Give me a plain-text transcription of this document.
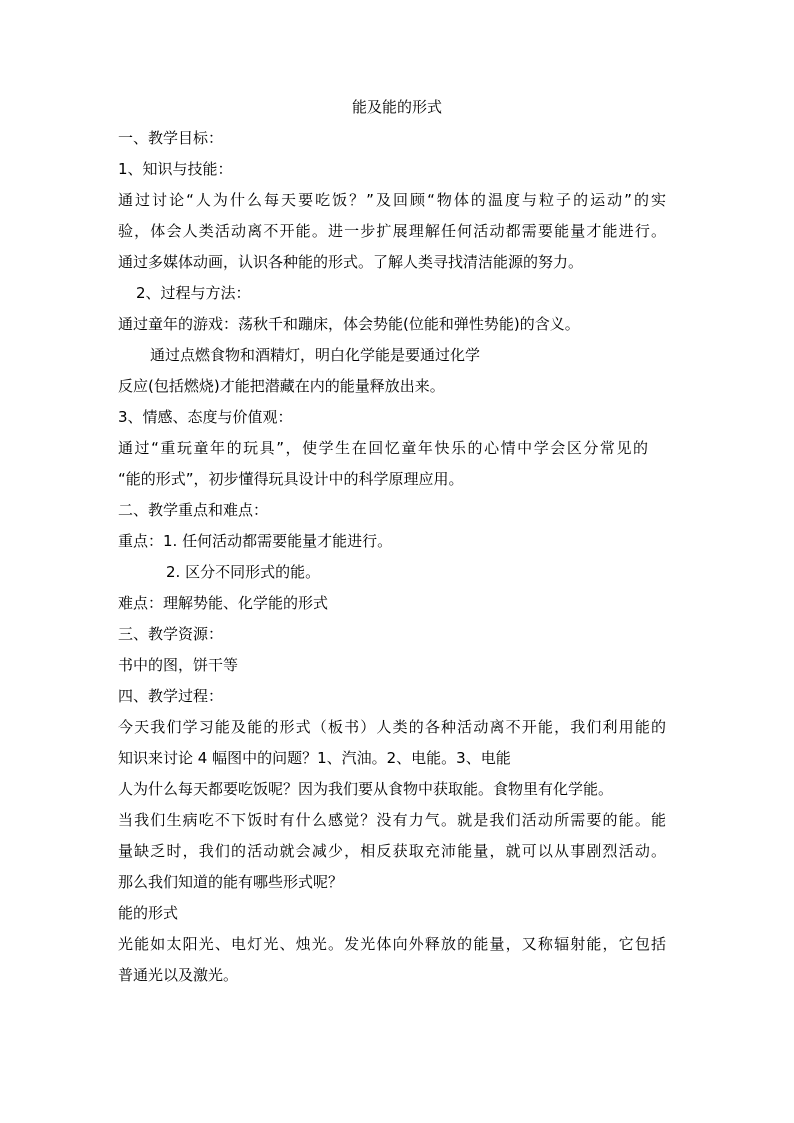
能及能的形式
一、教学目标：
1、知识与技能：
通过讨论“人为什么每天要吃饭？”及回顾“物体的温度与粒子的运动”的实
验，体会人类活动离不开能。进一步扩展理解任何活动都需要能量才能进行。
通过多媒体动画，认识各种能的形式。了解人类寻找清洁能源的努力。
2、过程与方法：
通过童年的游戏：荡秋千和蹦床，体会势能(位能和弹性势能)的含义。
通过点燃食物和酒精灯，明白化学能是要通过化学
反应(包括燃烧)才能把潜藏在内的能量释放出来。
3、情感、态度与价值观：
通过“重玩童年的玩具”，使学生在回忆童年快乐的心情中学会区分常见的
“能的形式”，初步懂得玩具设计中的科学原理应用。
二、教学重点和难点：
重点：1. 任何活动都需要能量才能进行。
2. 区分不同形式的能。
难点：理解势能、化学能的形式
三、教学资源：
书中的图，饼干等
四、教学过程：
今天我们学习能及能的形式（板书）人类的各种活动离不开能，我们利用能的
知识来讨论 4 幅图中的问题？1、汽油。2、电能。3、电能
人为什么每天都要吃饭呢？因为我们要从食物中获取能。食物里有化学能。
当我们生病吃不下饭时有什么感觉？没有力气。就是我们活动所需要的能。能
量缺乏时，我们的活动就会减少，相反获取充沛能量，就可以从事剧烈活动。
那么我们知道的能有哪些形式呢？
能的形式
光能如太阳光、电灯光、烛光。发光体向外释放的能量，又称辐射能，它包括
普通光以及激光。
